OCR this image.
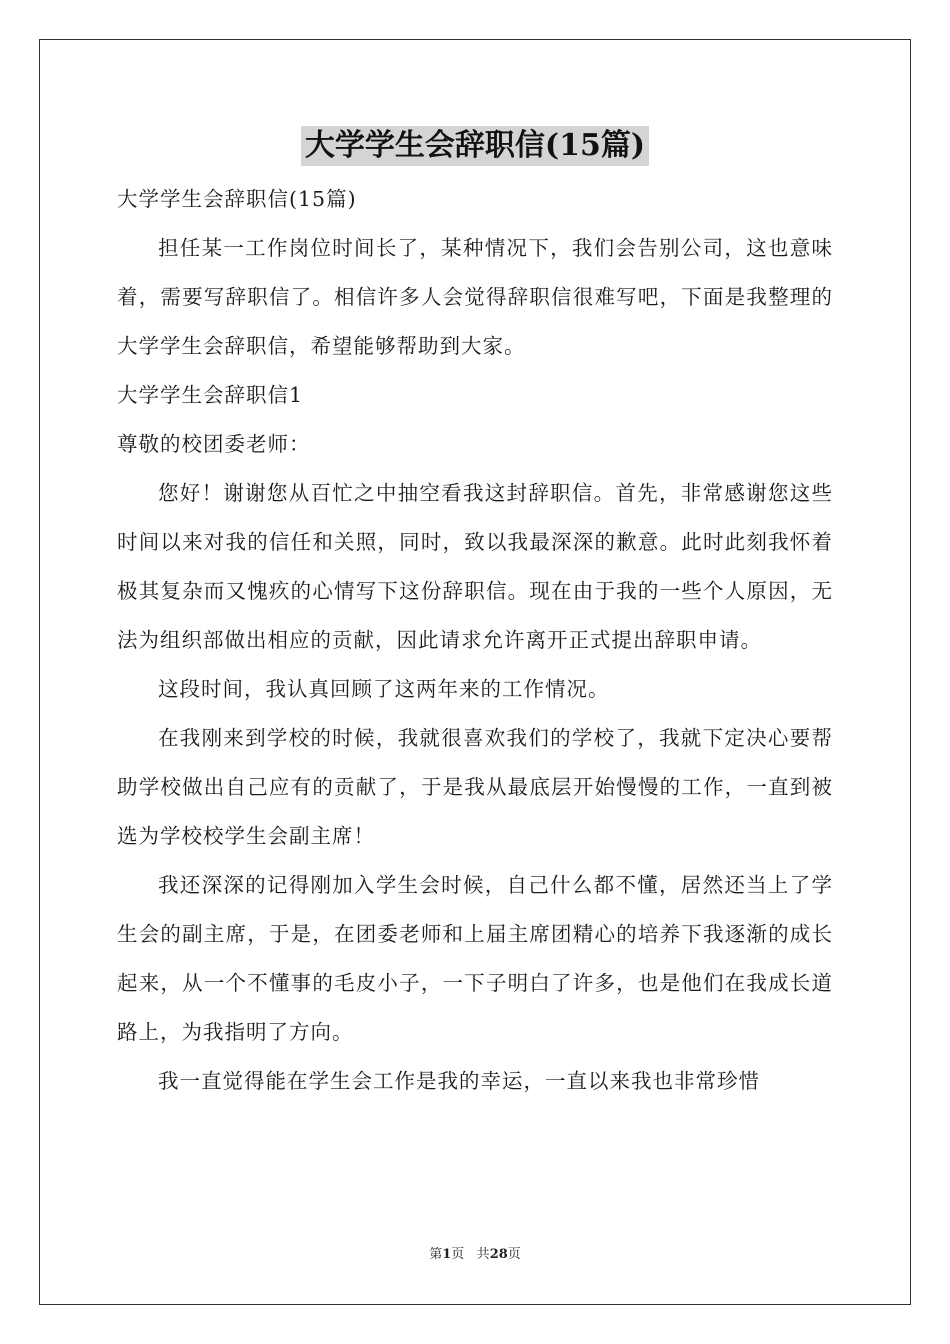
大学学生会辞职信(15篇)

大学学生会辞职信(15篇)

担任某一工作岗位时间长了，某种情况下，我们会告别公司，这也意味着，需要写辞职信了。相信许多人会觉得辞职信很难写吧，下面是我整理的大学学生会辞职信，希望能够帮助到大家。

大学学生会辞职信1

尊敬的校团委老师：

您好！谢谢您从百忙之中抽空看我这封辞职信。首先，非常感谢您这些时间以来对我的信任和关照，同时，致以我最深深的歉意。此时此刻我怀着极其复杂而又愧疚的心情写下这份辞职信。现在由于我的一些个人原因，无法为组织部做出相应的贡献，因此请求允许离开正式提出辞职申请。

这段时间，我认真回顾了这两年来的工作情况。

在我刚来到学校的时候，我就很喜欢我们的学校了，我就下定决心要帮助学校做出自己应有的贡献了，于是我从最底层开始慢慢的工作，一直到被选为学校校学生会副主席！

我还深深的记得刚加入学生会时候，自己什么都不懂，居然还当上了学生会的副主席，于是，在团委老师和上届主席团精心的培养下我逐渐的成长起来，从一个不懂事的毛皮小子，一下子明白了许多，也是他们在我成长道路上，为我指明了方向。

我一直觉得能在学生会工作是我的幸运，一直以来我也非常珍惜

第1页 共28页
